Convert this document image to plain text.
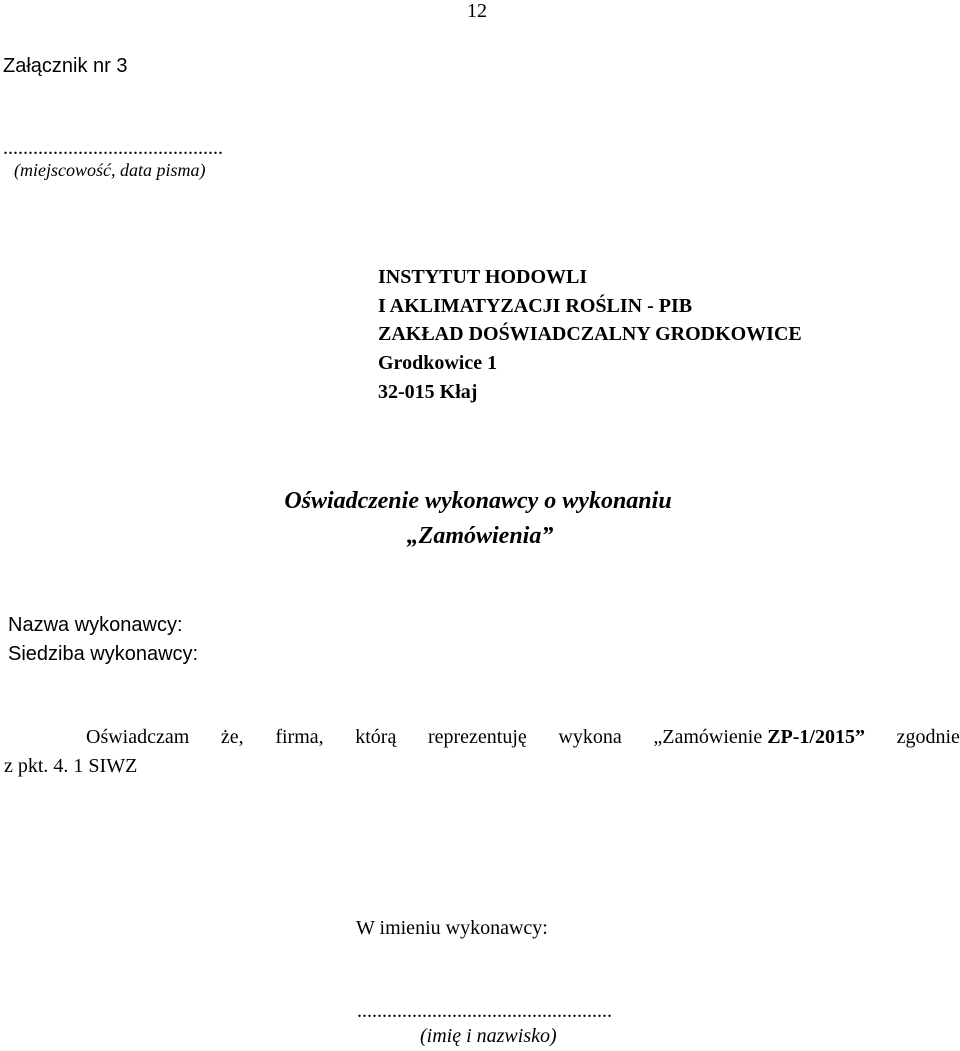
12
Załącznik nr 3
............................................
(miejscowość, data pisma)
INSTYTUT HODOWLI
I AKLIMATYZACJI ROŚLIN - PIB
ZAKŁAD DOŚWIADCZALNY GRODKOWICE
Grodkowice 1
32-015 Kłaj
Oświadczenie wykonawcy o wykonaniu
„Zamówienia”
Nazwa wykonawcy:
Siedziba wykonawcy:
Oświadczam że, firma, którą reprezentuję wykona „Zamówienie ZP-1/2015” zgodnie
z pkt. 4. 1 SIWZ
W imieniu wykonawcy:
...................................................
(imię i nazwisko)
